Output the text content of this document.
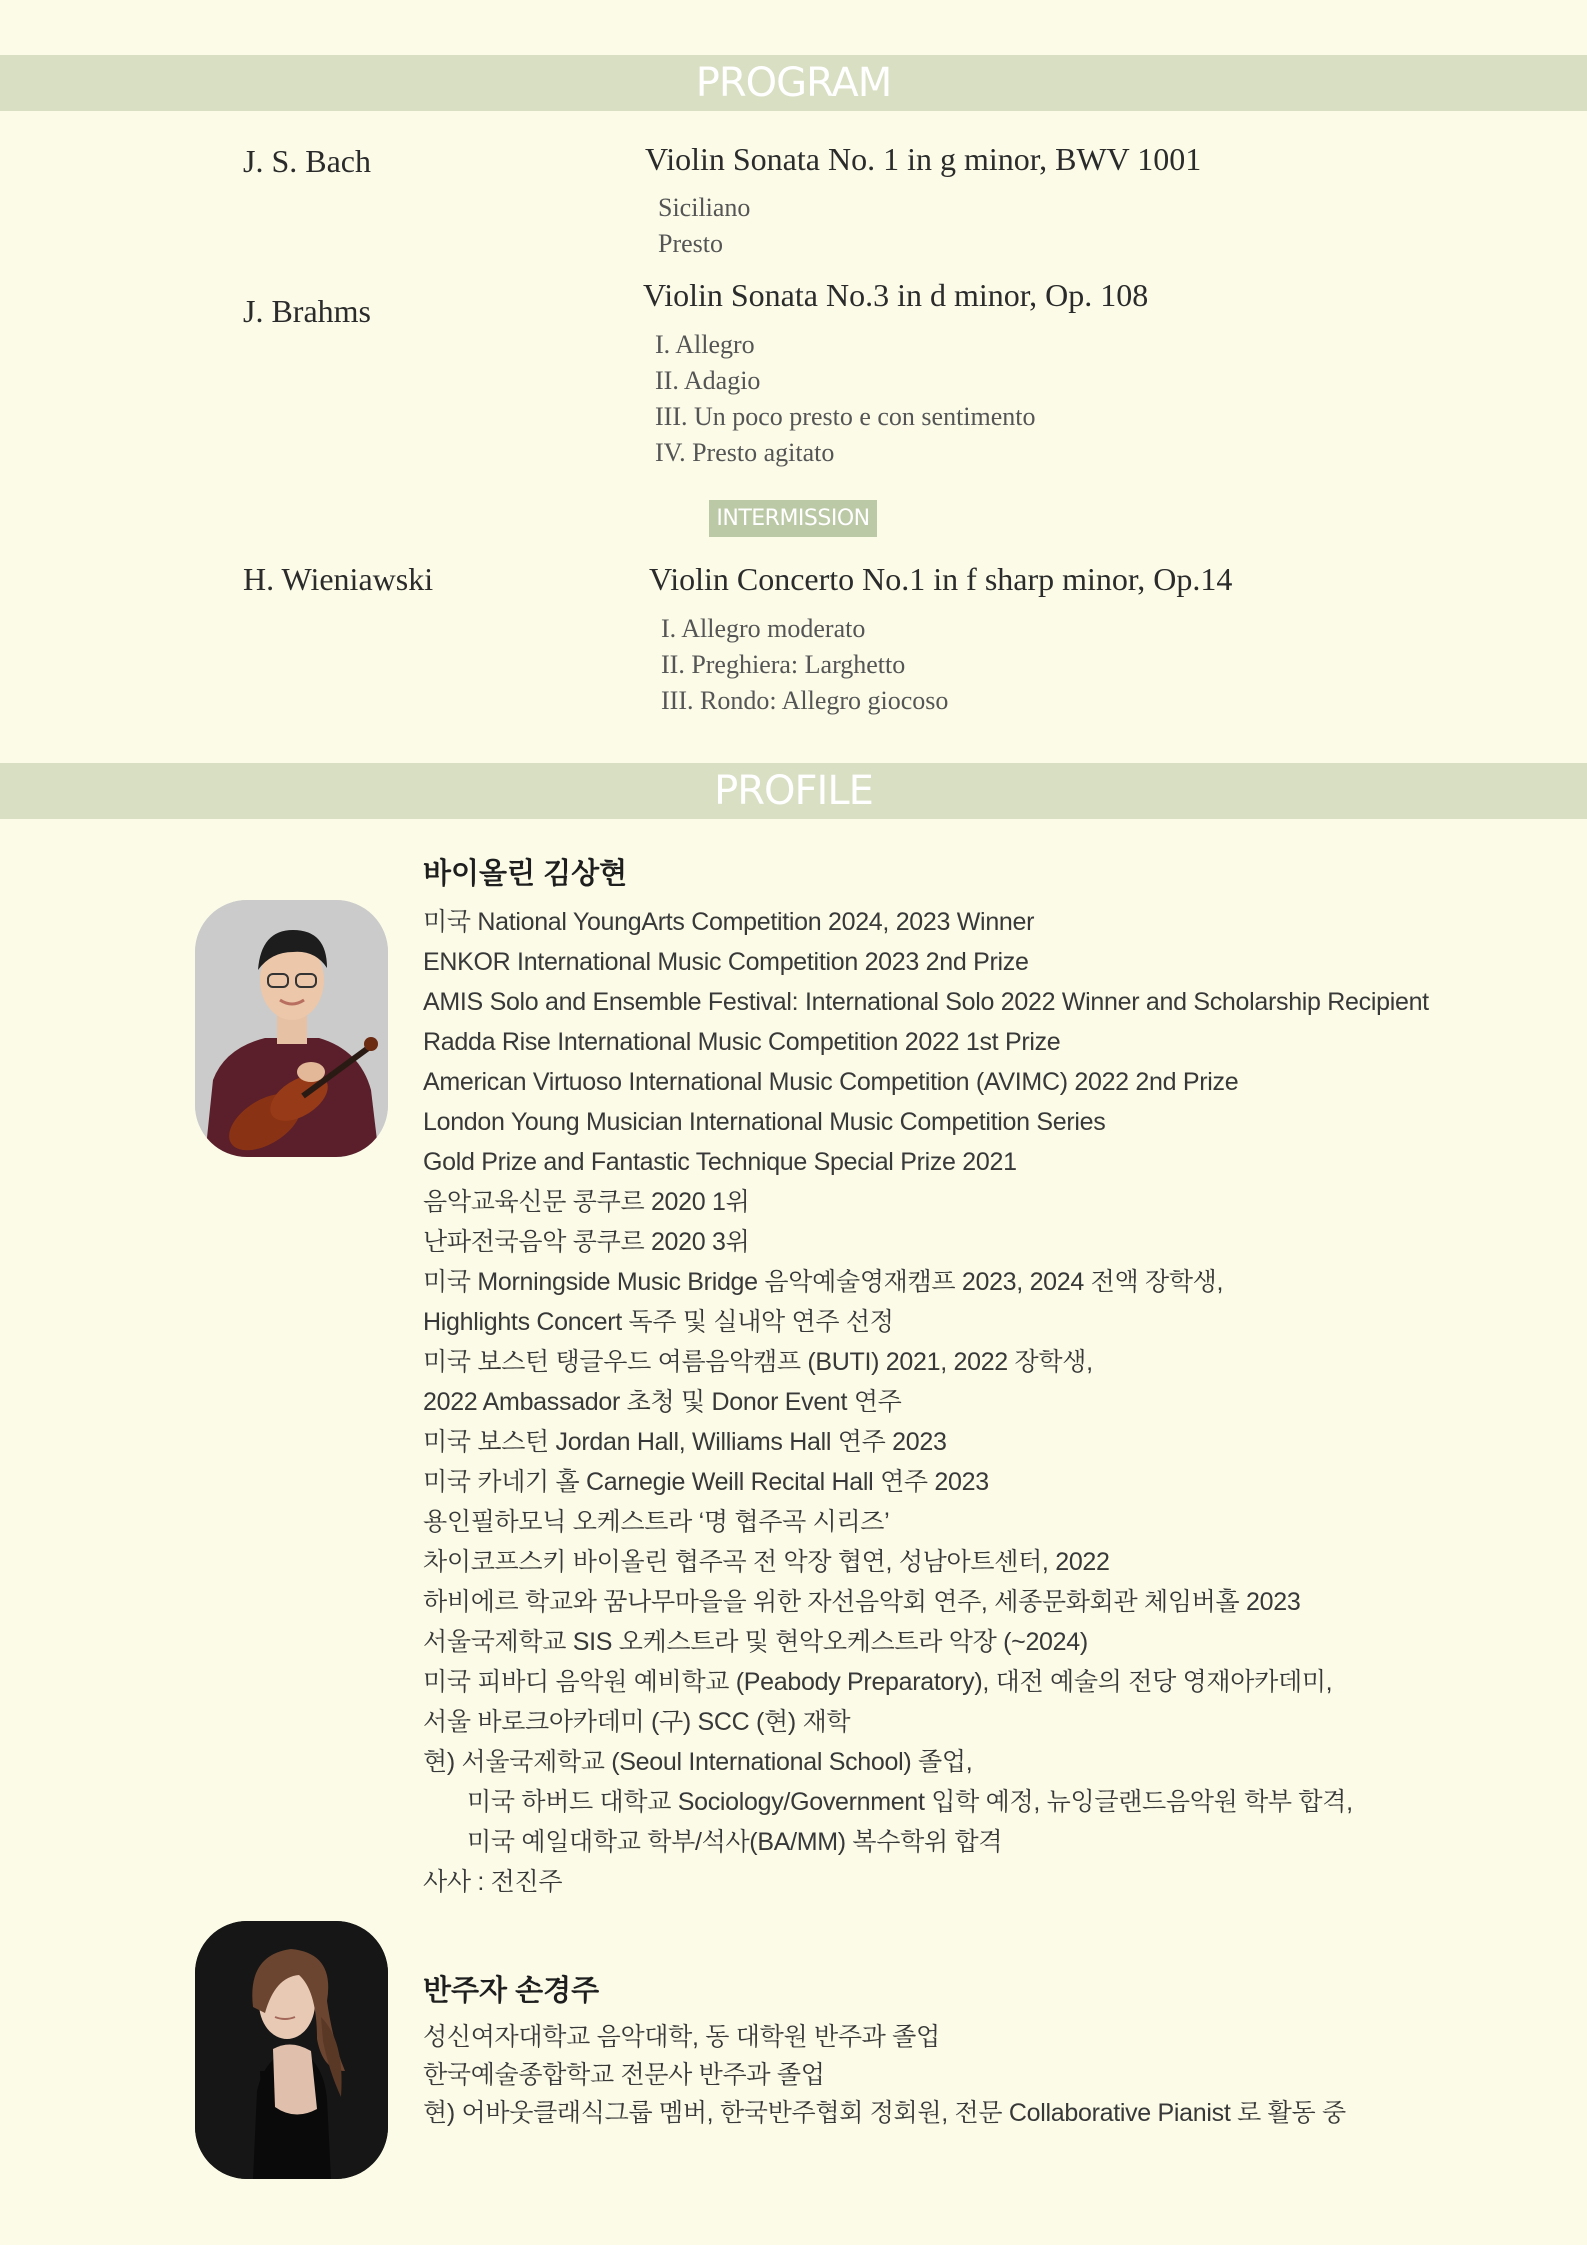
PROGRAM
J. S. Bach	Violin Sonata No. 1 in g minor, BWV 1001
Siciliano
Presto
J. Brahms	Violin Sonata No.3 in d minor, Op. 108
I. Allegro
II. Adagio
III. Un poco presto e con sentimento
IV. Presto agitato
INTERMISSION
H. Wieniawski	Violin Concerto No.1 in f sharp minor, Op.14
I. Allegro moderato
II. Preghiera: Larghetto
III. Rondo: Allegro giocoso
PROFILE
바이올린 김상현
미국 National YoungArts Competition 2024, 2023 Winner
ENKOR International Music Competition 2023 2nd Prize
AMIS Solo and Ensemble Festival: International Solo 2022 Winner and Scholarship Recipient
Radda Rise International Music Competition 2022 1st Prize
American Virtuoso International Music Competition (AVIMC) 2022 2nd Prize
London Young Musician International Music Competition Series
Gold Prize and Fantastic Technique Special Prize 2021
음악교육신문 콩쿠르 2020 1위
난파전국음악 콩쿠르 2020 3위
미국 Morningside Music Bridge 음악예술영재캠프 2023, 2024 전액 장학생,
Highlights Concert 독주 및 실내악 연주 선정
미국 보스턴 탱글우드 여름음악캠프 (BUTI) 2021, 2022 장학생,
2022 Ambassador 초청 및 Donor Event 연주
미국 보스턴 Jordan Hall, Williams Hall 연주 2023
미국 카네기 홀 Carnegie Weill Recital Hall 연주 2023
용인필하모닉 오케스트라 ‘명 협주곡 시리즈’
차이코프스키 바이올린 협주곡 전 악장 협연, 성남아트센터, 2022
하비에르 학교와 꿈나무마을을 위한 자선음악회 연주, 세종문화회관 체임버홀 2023
서울국제학교 SIS 오케스트라 및 현악오케스트라 악장 (~2024)
미국 피바디 음악원 예비학교 (Peabody Preparatory), 대전 예술의 전당 영재아카데미,
서울 바로크아카데미 (구) SCC (현) 재학
현) 서울국제학교 (Seoul International School) 졸업,
미국 하버드 대학교 Sociology/Government 입학 예정, 뉴잉글랜드음악원 학부 합격,
미국 예일대학교 학부/석사(BA/MM) 복수학위 합격
사사 : 전진주
반주자 손경주
성신여자대학교 음악대학, 동 대학원 반주과 졸업
한국예술종합학교 전문사 반주과 졸업
현) 어바웃클래식그룹 멤버, 한국반주협회 정회원, 전문 Collaborative Pianist 로 활동 중
